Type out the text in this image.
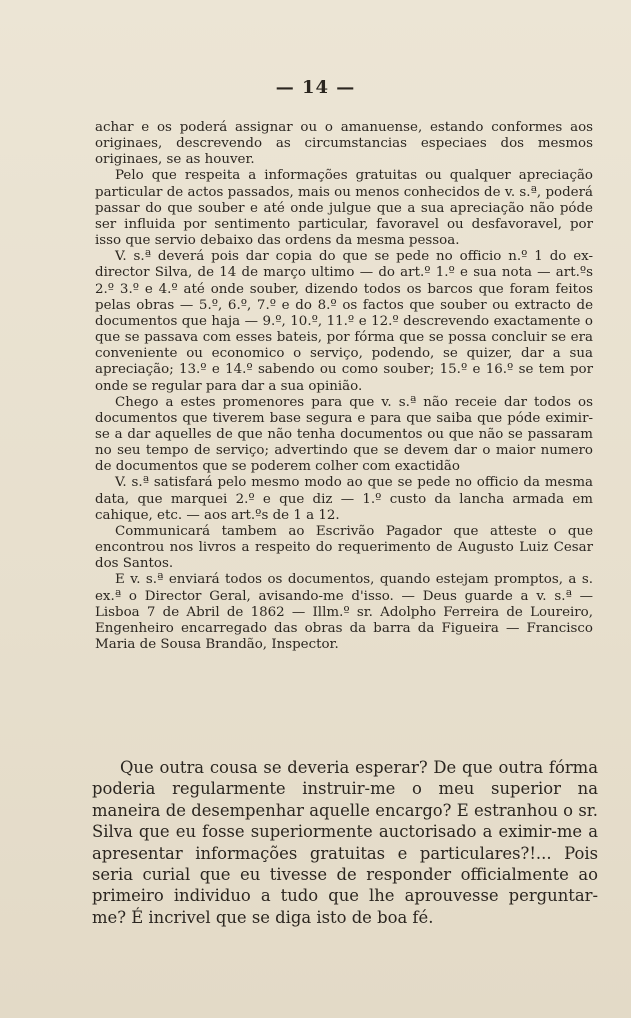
— 14 —

achar e os poderá assignar ou o amanuense, estando conformes aos originaes, descrevendo as circumstancias especiaes dos mesmos originaes, se as houver.

Pelo que respeita a informações gratuitas ou qualquer apreciação particular de actos passados, mais ou menos conhecidos de v. s.ª, poderá passar do que souber e até onde julgue que a sua apreciação não póde ser influida por sentimento particular, favoravel ou desfavoravel, por isso que servio debaixo das ordens da mesma pessoa.

V. s.ª deverá pois dar copia do que se pede no officio n.º 1 do ex-director Silva, de 14 de março ultimo — do art.º 1.º e sua nota — art.ºs 2.º 3.º e 4.º até onde souber, dizendo todos os barcos que foram feitos pelas obras — 5.º, 6.º, 7.º e do 8.º os factos que souber ou extracto de documentos que haja — 9.º, 10.º, 11.º e 12.º descrevendo exactamente o que se passava com esses bateis, por fórma que se possa concluir se era conveniente ou economico o serviço, podendo, se quizer, dar a sua apreciação; 13.º e 14.º sabendo ou como souber; 15.º e 16.º se tem por onde se regular para dar a sua opinião.

Chego a estes promenores para que v. s.ª não receie dar todos os documentos que tiverem base segura e para que saiba que póde eximir-se a dar aquelles de que não tenha documentos ou que não se passaram no seu tempo de serviço; advertindo que se devem dar o maior numero de documentos que se poderem colher com exactidão

V. s.ª satisfará pelo mesmo modo ao que se pede no officio da mesma data, que marquei 2.º e que diz — 1.º custo da lancha armada em cahique, etc. — aos art.ºs de 1 a 12.

Communicará tambem ao Escrivão Pagador que atteste o que encontrou nos livros a respeito do requerimento de Augusto Luiz Cesar dos Santos.

E v. s.ª enviará todos os documentos, quando estejam promptos, a s. ex.ª o Director Geral, avisando-me d'isso. — Deus guarde a v. s.ª — Lisboa 7 de Abril de 1862 — Illm.º sr. Adolpho Ferreira de Loureiro, Engenheiro encarregado das obras da barra da Figueira — Francisco Maria de Sousa Brandão, Inspector.

Que outra cousa se deveria esperar? De que outra fórma poderia regularmente instruir-me o meu superior na maneira de desempenhar aquelle encargo? E estranhou o sr. Silva que eu fosse superiormente auctorisado a eximir-me a apresentar informações gratuitas e particulares?!... Pois seria curial que eu tivesse de responder officialmente ao primeiro individuo a tudo que lhe aprouvesse perguntar-me? É incrivel que se diga isto de boa fé.
